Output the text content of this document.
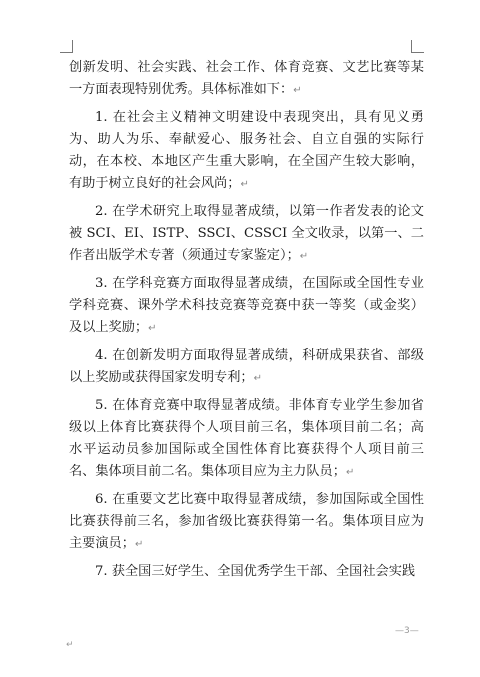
创新发明、社会实践、社会工作、体育竞赛、文艺比赛等某一方面表现特别优秀。具体标准如下：↵

1. 在社会主义精神文明建设中表现突出，具有见义勇为、助人为乐、奉献爱心、服务社会、自立自强的实际行动，在本校、本地区产生重大影响，在全国产生较大影响，有助于树立良好的社会风尚；↵

2. 在学术研究上取得显著成绩，以第一作者发表的论文被 SCI、EI、ISTP、SSCI、CSSCI 全文收录，以第一、二作者出版学术专著（须通过专家鉴定）；↵

3. 在学科竞赛方面取得显著成绩，在国际或全国性专业学科竞赛、课外学术科技竞赛等竞赛中获一等奖（或金奖）及以上奖励；↵

4. 在创新发明方面取得显著成绩，科研成果获省、部级以上奖励或获得国家发明专利；↵

5. 在体育竞赛中取得显著成绩。非体育专业学生参加省级以上体育比赛获得个人项目前三名，集体项目前二名；高水平运动员参加国际或全国性体育比赛获得个人项目前三名、集体项目前二名。集体项目应为主力队员；↵

6. 在重要文艺比赛中取得显著成绩，参加国际或全国性比赛获得前三名，参加省级比赛获得第一名。集体项目应为主要演员；↵

7. 获全国三好学生、全国优秀学生干部、全国社会实践

—3—
↵
